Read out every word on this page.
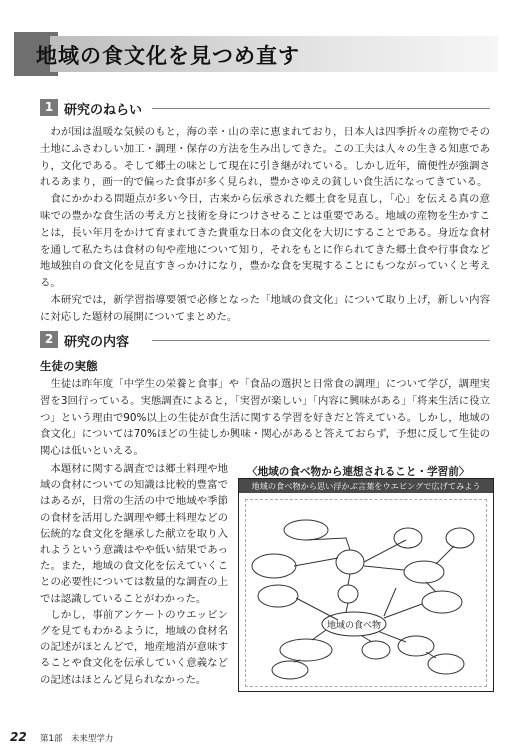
地域の食文化を見つめ直す
1 研究のねらい

わが国は温暖な気候のもと，海の幸・山の幸に恵まれており，日本人は四季折々の産物でその土地にふさわしい加工・調理・保存の方法を生み出してきた。この工夫は人々の生きる知恵であり，文化である。そして郷土の味として現在に引き継がれている。しかし近年，簡便性が強調されるあまり，画一的で偏った食事が多く見られ，豊かさゆえの貧しい食生活になってきている。

食にかかわる問題点が多い今日，古来から伝承された郷土食を見直し，「心」を伝える真の意味での豊かな食生活の考え方と技術を身につけさせることは重要である。地域の産物を生かすことは，長い年月をかけて育まれてきた貴重な日本の食文化を大切にすることである。身近な食材を通して私たちは食材の旬や産地について知り，それをもとに作られてきた郷土食や行事食など地域独自の食文化を見直すきっかけになり，豊かな食を実現することにもつながっていくと考える。

本研究では，新学習指導要領で必修となった「地域の食文化」について取り上げ，新しい内容に対応した題材の展開についてまとめた。

2 研究の内容
生徒の実態

生徒は昨年度「中学生の栄養と食事」や「食品の選択と日常食の調理」について学び，調理実習を3回行っている。実態調査によると，「実習が楽しい」「内容に興味がある」「将来生活に役立つ」という理由で90%以上の生徒が食生活に関する学習を好きだと答えている。しかし，地域の食文化」については70%ほどの生徒しか興味・関心があると答えておらず，予想に反して生徒の関心は低いといえる。

本題材に関する調査では郷土料理や地域の食材についての知識は比較的豊富ではあるが，日常の生活の中で地域や季節の食材を活用した調理や郷土料理などの伝統的な食文化を継承した献立を取り入れようという意識はやや低い結果であった。また，地域の食文化を伝えていくことの必要性については数量的な調査の上では認識していることがわかった。

しかし，事前アンケートのウエッビングを見てもわかるように，地域の食材名の記述がほとんどで，地産地消が意味することや食文化を伝承していく意義などの記述はほとんど見られなかった。

〈地域の食べ物から連想されること・学習前〉
地域の食べ物から思い浮かぶ言葉をウエビングで広げてみよう
地域の食べ物
22 第1部　未来型学力
